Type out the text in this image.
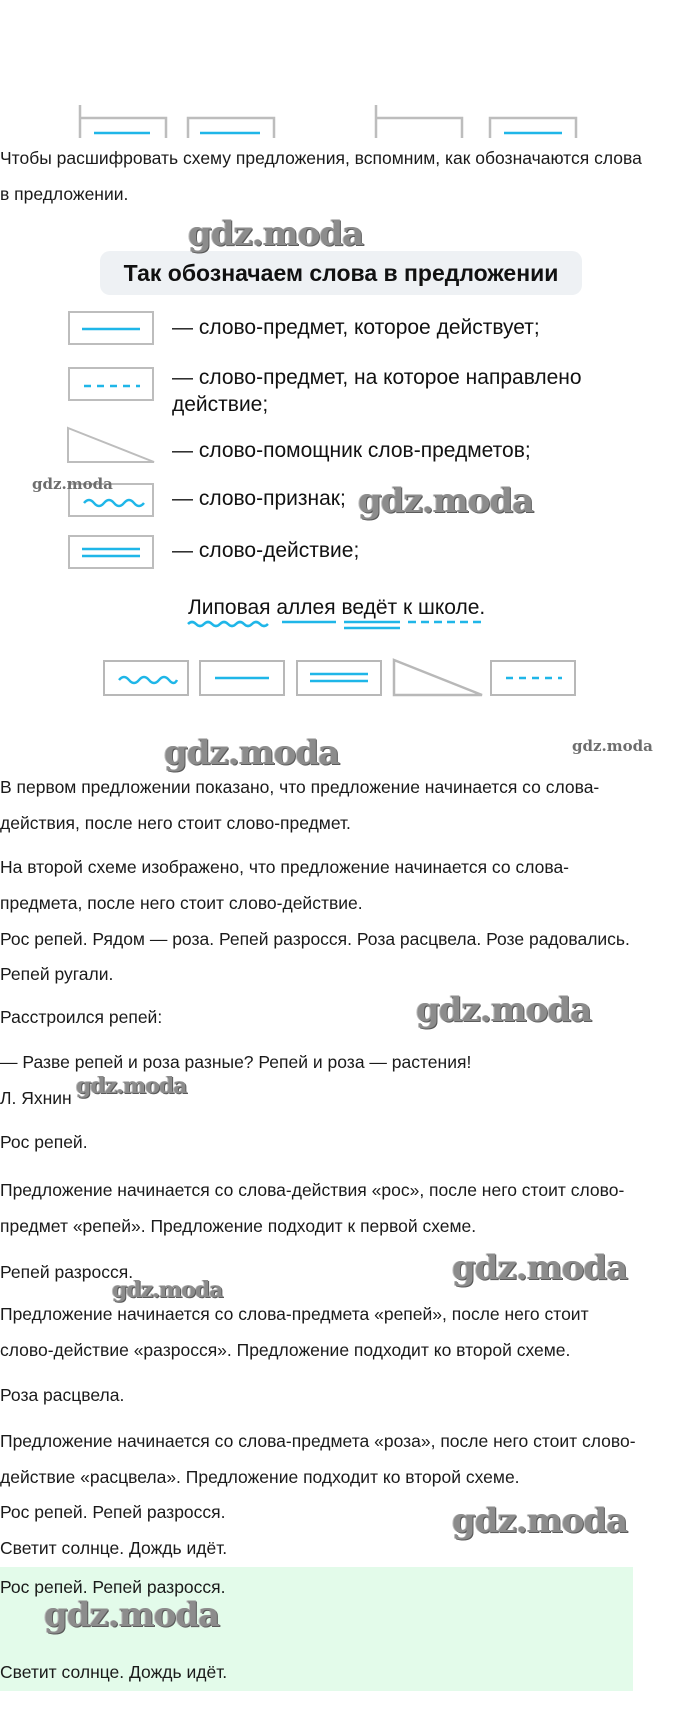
Чтобы расшифровать схему предложения, вспомним, как обозначаются слова
в предложении.
Так обозначаем слова в предложении
— слово-предмет, которое действует;
— слово-предмет, на которое направлено
действие;
— слово-помощник слов-предметов;
— слово-признак;
— слово-действие;
Липовая аллея ведёт к школе.
В первом предложении показано, что предложение начинается со слова-
действия, после него стоит слово-предмет.
На второй схеме изображено, что предложение начинается со слова-
предмета, после него стоит слово-действие.
Рос репей. Рядом — роза. Репей разросся. Роза расцвела. Розе радовались.
Репей ругали.
Расстроился репей:
— Разве репей и роза разные? Репей и роза — растения!
Л. Яхнин
Рос репей.
Предложение начинается со слова-действия «рос», после него стоит слово-
предмет «репей». Предложение подходит к первой схеме.
Репей разросся.
Предложение начинается со слова-предмета «репей», после него стоит
слово-действие «разросся». Предложение подходит ко второй схеме.
Роза расцвела.
Предложение начинается со слова-предмета «роза», после него стоит слово-
действие «расцвела». Предложение подходит ко второй схеме.
Рос репей. Репей разросся.
Светит солнце. Дождь идёт.
Рос репей. Репей разросся.
Светит солнце. Дождь идёт.
gdz.moda
gdz.moda	gdz.moda
gdz.moda	gdz.moda
gdz.moda
gdz.moda
gdz.moda
gdz.moda
gdz.moda
gdz.moda
